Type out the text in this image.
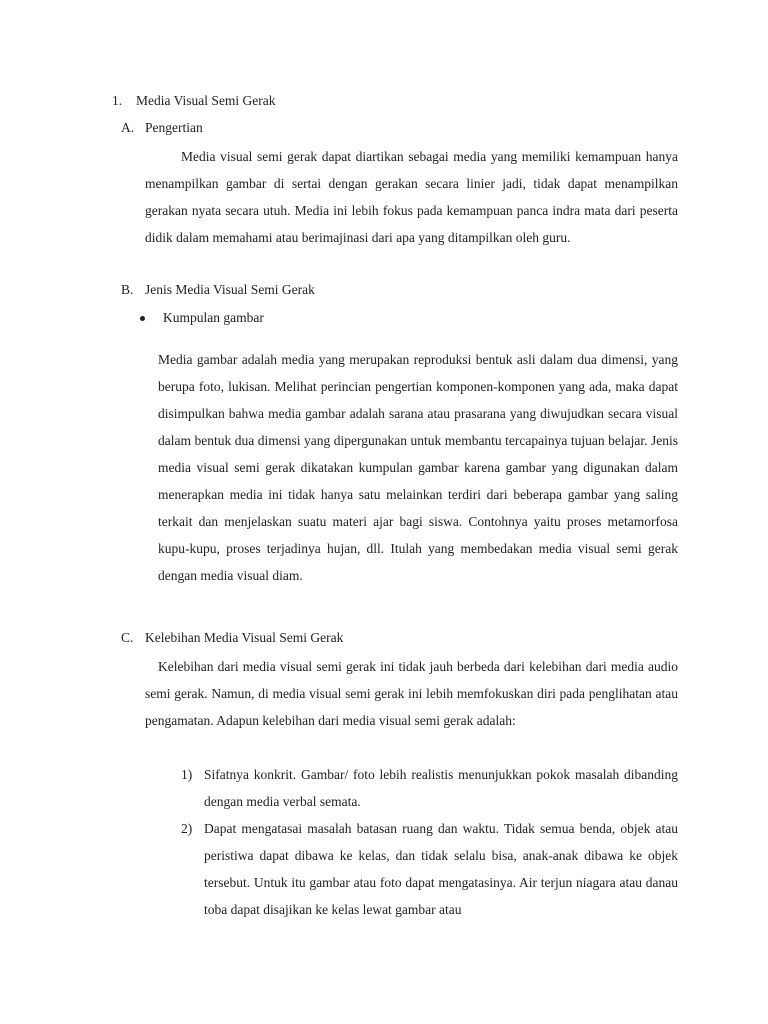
1. Media Visual Semi Gerak
A. Pengertian
Media visual semi gerak dapat diartikan sebagai media yang memiliki kemampuan hanya menampilkan gambar di sertai dengan gerakan secara linier jadi, tidak dapat menampilkan gerakan nyata secara utuh. Media ini lebih fokus pada kemampuan panca indra mata dari peserta didik dalam memahami atau berimajinasi dari apa yang ditampilkan oleh guru.
B. Jenis Media Visual Semi Gerak
Kumpulan gambar
Media gambar adalah media yang merupakan reproduksi bentuk asli dalam dua dimensi, yang berupa foto, lukisan. Melihat perincian pengertian komponen-komponen yang ada, maka dapat disimpulkan bahwa media gambar adalah sarana atau prasarana yang diwujudkan secara visual dalam bentuk dua dimensi yang dipergunakan untuk membantu tercapainya tujuan belajar. Jenis media visual semi gerak dikatakan kumpulan gambar karena gambar yang digunakan dalam menerapkan media ini tidak hanya satu melainkan terdiri dari beberapa gambar yang saling terkait dan menjelaskan suatu materi ajar bagi siswa. Contohnya yaitu proses metamorfosa kupu-kupu, proses terjadinya hujan, dll. Itulah yang membedakan media visual semi gerak dengan media visual diam.
C. Kelebihan Media Visual Semi Gerak
Kelebihan dari media visual semi gerak ini tidak jauh berbeda dari kelebihan dari media audio semi gerak. Namun, di media visual semi gerak ini lebih memfokuskan diri pada penglihatan atau pengamatan. Adapun kelebihan dari media visual semi gerak adalah:
1) Sifatnya konkrit. Gambar/ foto lebih realistis menunjukkan pokok masalah dibanding dengan media verbal semata.
2) Dapat mengatasai masalah batasan ruang dan waktu. Tidak semua benda, objek atau peristiwa dapat dibawa ke kelas, dan tidak selalu bisa, anak-anak dibawa ke objek tersebut. Untuk itu gambar atau foto dapat mengatasinya. Air terjun niagara atau danau toba dapat disajikan ke kelas lewat gambar atau
